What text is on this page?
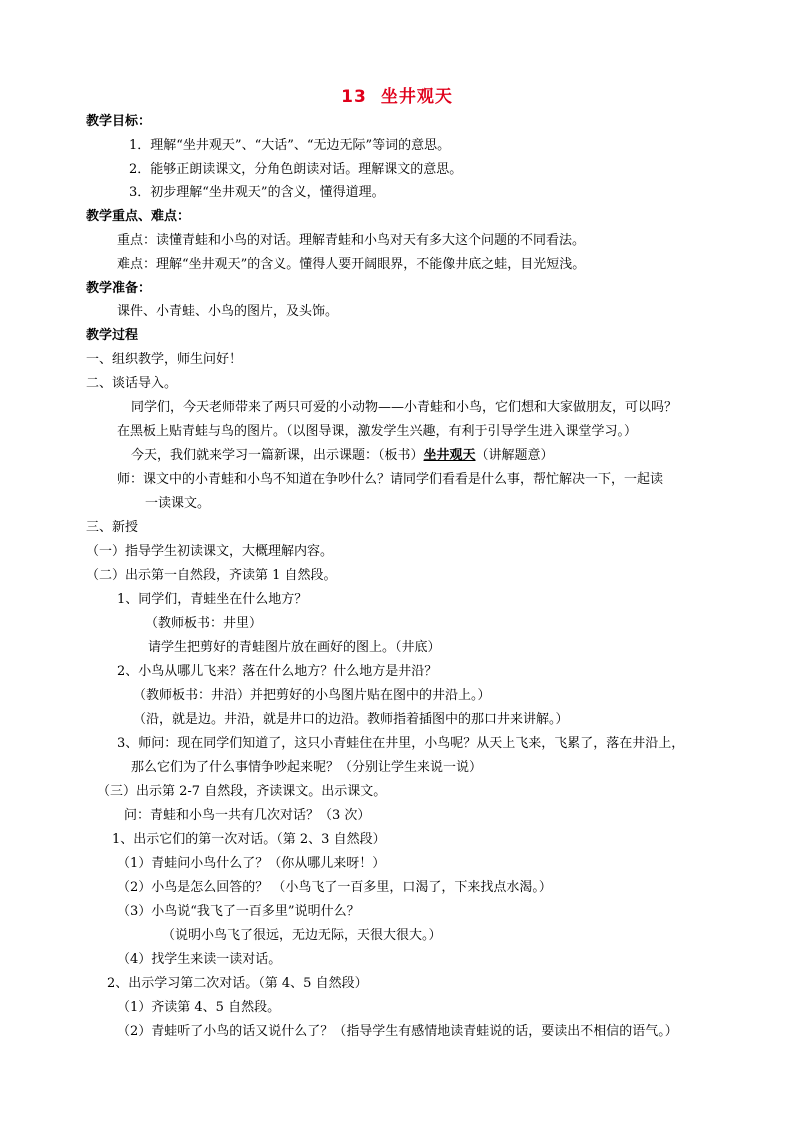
13 坐井观天
教学目标：
1．理解“坐井观天”、“大话”、“无边无际”等词的意思。
2．能够正朗读课文，分角色朗读对话。理解课文的意思。
3．初步理解“坐井观天”的含义，懂得道理。
教学重点、难点：
重点：读懂青蛙和小鸟的对话。理解青蛙和小鸟对天有多大这个问题的不同看法。
难点：理解“坐井观天”的含义。懂得人要开阔眼界，不能像井底之蛙，目光短浅。
教学准备：
课件、小青蛙、小鸟的图片，及头饰。
教学过程
一、组织教学，师生问好！
二、谈话导入。
同学们，今天老师带来了两只可爱的小动物——小青蛙和小鸟，它们想和大家做朋友，可以吗？
在黑板上贴青蛙与鸟的图片。（以图导课，激发学生兴趣，有利于引导学生进入课堂学习。）
今天，我们就来学习一篇新课，出示课题：（板书）坐井观天（讲解题意）
师：课文中的小青蛙和小鸟不知道在争吵什么？请同学们看看是什么事，帮忙解决一下，一起读
一读课文。
三、新授
（一）指导学生初读课文，大概理解内容。
（二）出示第一自然段，齐读第 1 自然段。
1、同学们，青蛙坐在什么地方？
（教师板书：井里）
请学生把剪好的青蛙图片放在画好的图上。（井底）
2、小鸟从哪儿飞来？落在什么地方？什么地方是井沿？
（教师板书：井沿）并把剪好的小鸟图片贴在图中的井沿上。）
（沿，就是边。井沿，就是井口的边沿。教师指着插图中的那口井来讲解。）
3、师问：现在同学们知道了，这只小青蛙住在井里，小鸟呢？从天上飞来，飞累了，落在井沿上，
那么它们为了什么事情争吵起来呢？（分别让学生来说一说）
（三）出示第 2-7 自然段，齐读课文。出示课文。
问：青蛙和小鸟一共有几次对话？（3 次）
1、出示它们的第一次对话。（第 2、3 自然段）
（1）青蛙问小鸟什么了？（你从哪儿来呀！）
（2）小鸟是怎么回答的？ （小鸟飞了一百多里，口渴了，下来找点水渴。）
（3）小鸟说“我飞了一百多里”说明什么？
（说明小鸟飞了很远，无边无际，天很大很大。）
（4）找学生来读一读对话。
2、出示学习第二次对话。（第 4、5 自然段）
（1）齐读第 4、5 自然段。
（2）青蛙听了小鸟的话又说什么了？（指导学生有感情地读青蛙说的话，要读出不相信的语气。）
